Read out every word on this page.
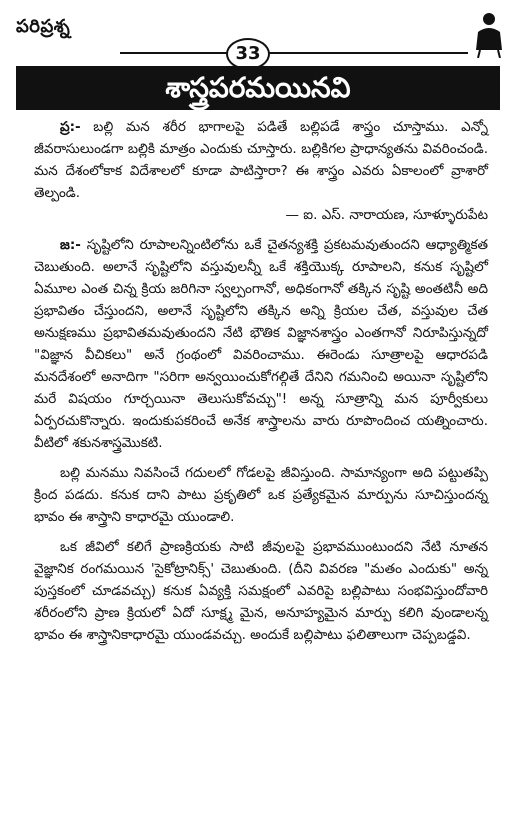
పరిప్రశ్న
33
శాస్త్రపరమయినవి

ప్ర:- బల్లి మన శరీర భాగాలపై పడితే బల్లిపడే శాస్త్రం చూస్తాము. ఎన్నో జీవరాసులుండగా బల్లికి మాత్రం ఎందుకు చూస్తారు. బల్లికిగల ప్రాధాన్యతను వివరించండి. మన దేశంలోకాక విదేశాలలో కూడా పాటిస్తారా? ఈ శాస్త్రం ఎవరు ఏకాలంలో వ్రాశారో తెల్పండి.
— ఐ. ఎస్. నారాయణ, సూళ్ళూరుపేట

జ:- సృష్టిలోని రూపాలన్నింటిలోను ఒకే చైతన్యశక్తి ప్రకటమవుతుందని ఆధ్యాత్మికత చెబుతుంది. అలానే సృష్టిలోని వస్తువులన్నీ ఒకే శక్తియొక్క రూపాలని, కనుక సృష్టిలో ఏమూల ఎంత చిన్న క్రియ జరిగినా స్వల్పంగానో, అధికంగానో తక్కిన సృష్టి అంతటినీ అది ప్రభావితం చేస్తుందని, అలానే సృష్టిలోని తక్కిన అన్ని క్రియల చేత, వస్తువుల చేత అనుక్షణము ప్రభావితమవుతుందని నేటి భౌతిక విజ్ఞానశాస్త్రం ఎంతగానో నిరూపిస్తున్నదో "విజ్ఞాన వీచికలు" అనే గ్రంథంలో వివరించాము. ఈరెండు సూత్రాలపై ఆధారపడి మనదేశంలో అనాదిగా "సరిగా అన్వయించుకోగల్గితే దేనిని గమనించి అయినా సృష్టిలోని మరే విషయం గూర్చయినా తెలుసుకోవచ్చు"! అన్న సూత్రాన్ని మన పూర్వీకులు ఏర్పరచుకొన్నారు. ఇందుకుపకరించే అనేక శాస్త్రాలను వారు రూపొందించ యత్నించారు. వీటిలో శకునశాస్త్రమొకటి.

బల్లి మనము నివసించే గదులలో గోడలపై జీవిస్తుంది. సామాన్యంగా అది పట్టుతప్పి క్రింద పడదు. కనుక దాని పాటు ప్రకృతిలో ఒక ప్రత్యేకమైన మార్పును సూచిస్తుందన్న భావం ఈ శాస్త్రాని కాధారమై యుండాలి.

ఒక జీవిలో కలిగే ప్రాణక్రియకు సాటి జీవులపై ప్రభావముంటుందని నేటి నూతన వైజ్ఞానిక రంగమయిన 'సైకోట్రానిక్స్' చెబుతుంది. (దీని వివరణ "మతం ఎందుకు" అన్న పుస్తకంలో చూడవచ్చు) కనుక ఏవ్యక్తి సమక్షంలో ఎవరిపై బల్లిపాటు సంభవిస్తుందోవారి శరీరంలోని ప్రాణ క్రియలో ఏదో సూక్ష్మ మైన, అనూహ్యమైన మార్పు కలిగి వుండాలన్న భావం ఈ శాస్త్రానికాధారమై యుండవచ్చు. అందుకే బల్లిపాటు ఫలితాలుగా చెప్పబడ్డవి.
